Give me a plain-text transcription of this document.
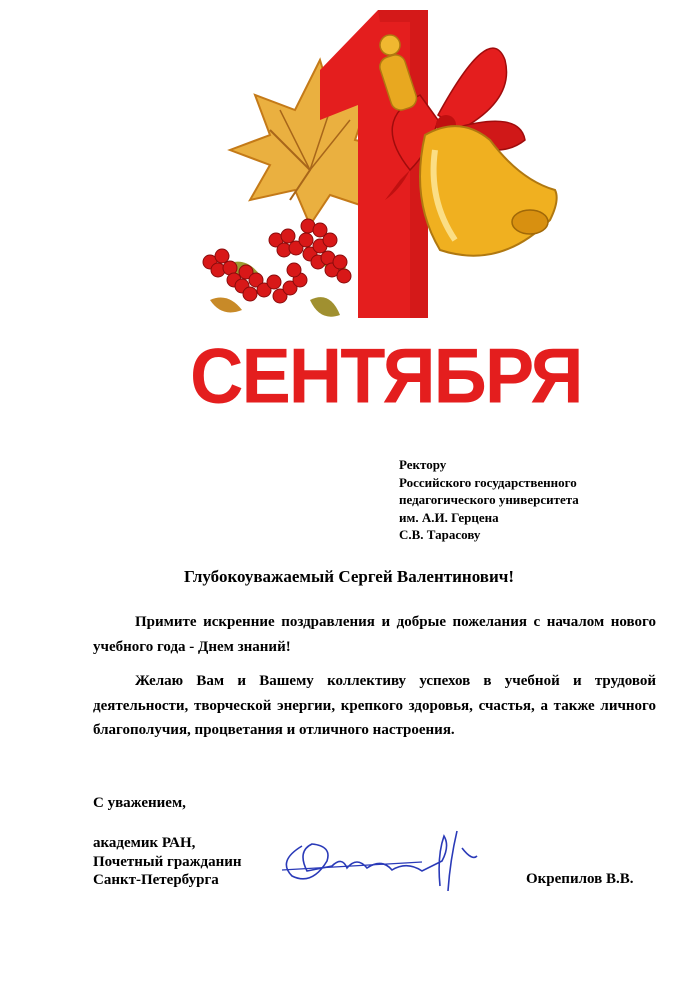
СЕНТЯБРЯ
Ректору
Российского государственного
педагогического университета
им. А.И. Герцена
С.В. Тарасову
Глубокоуважаемый Сергей Валентинович!

Примите искренние поздравления и добрые пожелания с началом нового учебного года - Днем знаний!

Желаю Вам и Вашему коллективу успехов в учебной и трудовой деятельности, творческой энергии, крепкого здоровья, счастья, а также личного благополучия, процветания и отличного настроения.

С уважением,
академик РАН,
Почетный гражданин
Санкт-Петербурга	Окрепилов В.В.
